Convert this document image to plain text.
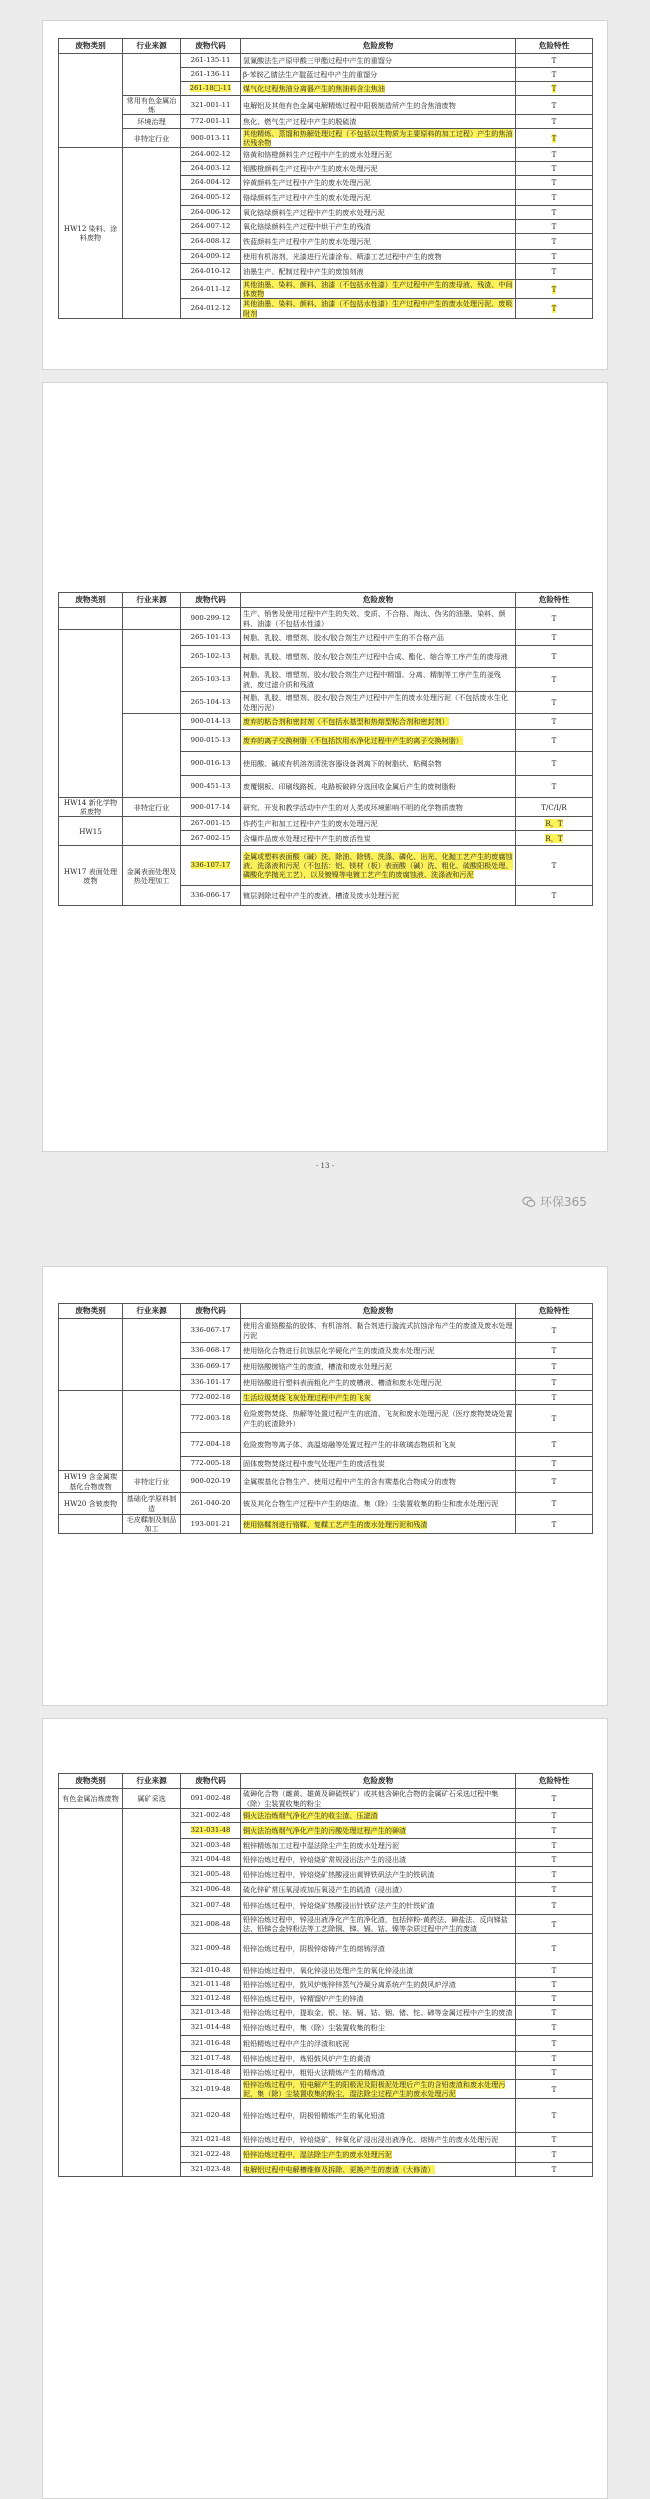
废物类别	行业来源	废物代码	危险废物	危险特性
		261-135-11	氢氰酸法生产原甲酸三甲酯过程中产生的重馏分	T
		261-136-11	β-苯胺乙腈法生产靛蓝过程中产生的重馏分	T
		261-18□-11	煤气化过程焦油分离器产生的焦油料含尘焦油	T
	常用有色金属冶炼	321-001-11	电解铝及其他有色金属电解精炼过程中阳极制造所产生的含焦油废物	T
	环境治理	772-001-11	焦化、燃气生产过程中产生的脱硫渣	T
	非特定行业	900-013-11	其他精炼、蒸馏和热解处理过程（不包括以生物质为主要原料的加工过程）产生的焦油状残余物	T
HW12 染料、涂料废物		264-002-12	铬黄和铬橙颜料生产过程中产生的废水处理污泥	T
		264-003-12	钼酸橙颜料生产过程中产生的废水处理污泥	T
		264-004-12	锌黄颜料生产过程中产生的废水处理污泥	T
		264-005-12	铬绿颜料生产过程中产生的废水处理污泥	T
		264-006-12	氧化铬绿颜料生产过程中产生的废水处理污泥	T
		264-007-12	氧化铬绿颜料生产过程中烘干产生的残渣	T
		264-008-12	铁蓝颜料生产过程中产生的废水处理污泥	T
		264-009-12	使用有机溶剂、光漆进行光漆涂布、喷漆工艺过程中产生的废物	T
		264-010-12	油墨生产、配制过程中产生的废蚀刻液	T
		264-011-12	其他油墨、染料、颜料、油漆（不包括水性漆）生产过程中产生的废母液、残渣、中间体废物	T
		264-012-12	其他油墨、染料、颜料、油漆（不包括水性漆）生产过程中产生的废水处理污泥、废吸附剂	T
废物类别	行业来源	废物代码	危险废物	危险特性
		900-299-12	生产、销售及使用过程中产生的失效、变质、不合格、淘汰、伪劣的油墨、染料、颜料、油漆（不包括水性漆）	T
		265-101-13	树脂、乳胶、增塑剂、胶水/胶合剂生产过程中产生的不合格产品	T
		265-102-13	树脂、乳胶、增塑剂、胶水/胶合剂生产过程中合成、酯化、缩合等工序产生的废母液	T
		265-103-13	树脂、乳胶、增塑剂、胶水/胶合剂生产过程中精馏、分离、精制等工序产生的釜残液、废过滤介质和残渣	T
		265-104-13	树脂、乳胶、增塑剂、胶水/胶合剂生产过程中产生的废水处理污泥（不包括废水生化处理污泥）	T
		900-014-13	废弃的粘合剂和密封剂（不包括水基型和热熔型粘合剂和密封剂）	T
		900-015-13	废弃的离子交换树脂（不包括饮用水净化过程中产生的离子交换树脂）	T
		900-016-13	使用酸、碱或有机溶剂清洗容器设备剥离下的树脂状、粘稠杂物	T
		900-451-13	废覆铜板、印刷线路板、电路板破碎分选回收金属后产生的废树脂粉	T
HW14 新化学物质废物	非特定行业	900-017-14	研究、开发和教学活动中产生的对人类或环境影响不明的化学物质废物	T/C/I/R
HW15		267-001-15	炸药生产和加工过程中产生的废水处理污泥	R，T
		267-002-15	含爆炸品废水处理过程中产生的废活性炭	R，T
HW17 表面处理废物	金属表面处理及热处理加工	336-107-17	金属或塑料表面酸（碱）洗、除油、除锈、洗涤、磷化、出光、化抛工艺产生的废腐蚀液、洗涤液和污泥（不包括：铝、镁材（板）表面酸（碱）洗、粗化、硫酸阳极处理、磷酸化学抛光工艺），以及镀镍等电镀工艺产生的废腐蚀液、洗涤液和污泥	T
		336-066-17	镀层剥除过程中产生的废液、槽渣及废水处理污泥	T
废物类别	行业来源	废物代码	危险废物	危险特性
		336-067-17	使用含重铬酸盐的胶体、有机溶剂、黏合剂进行漩流式抗蚀涂布产生的废渣及废水处理污泥	T
		336-068-17	使用铬化合物进行抗蚀层化学硬化产生的废渣及废水处理污泥	T
		336-069-17	使用铬酸镀铬产生的废渣、槽渣和废水处理污泥	T
		336-101-17	使用铬酸进行塑料表面粗化产生的废槽液、槽渣和废水处理污泥	T
		772-002-18	生活垃圾焚烧飞灰处理过程中产生的飞灰	T
		772-003-18	危险废物焚烧、热解等处置过程产生的底渣、飞灰和废水处理污泥（医疗废物焚烧处置产生的底渣除外）	T
		772-004-18	危险废物等离子体、高温熔融等处置过程产生的非玻璃态物质和飞灰	T
		772-005-18	固体废物焚烧过程中废气处理产生的废活性炭	T
HW19 含金属羰基化合物废物	非特定行业	900-020-19	金属羰基化合物生产、使用过程中产生的含有羰基化合物成分的废物	T
HW20 含铍废物	基础化学原料制造	261-040-20	铍及其化合物生产过程中产生的熔渣、集（除）尘装置收集的粉尘和废水处理污泥	T
	毛皮鞣制及制品加工	193-001-21	使用铬鞣剂进行铬鞣、复鞣工艺产生的废水处理污泥和残渣	T
废物类别	行业来源	废物代码	危险废物	危险特性
有色金属冶炼废物	属矿采选	091-002-48	硫砷化合物（雌黄、雄黄及砷硫铁矿）或其他含砷化合物的金属矿石采选过程中集（除）尘装置收集的粉尘	T
		321-002-48	铜火法冶炼烟气净化产生的收尘渣、压滤渣	T
		321-031-48	铜火法冶炼烟气净化产生的污酸处理过程产生的砷渣	T
		321-003-48	粗锌精炼加工过程中湿法除尘产生的废水处理污泥	T
		321-004-48	铅锌冶炼过程中，锌焙烧矿常规浸出法产生的浸出渣	T
		321-005-48	铅锌冶炼过程中，锌焙烧矿热酸浸出黄钾铁矾法产生的铁矾渣	T
		321-006-48	硫化锌矿常压氧浸或加压氧浸产生的硫渣（浸出渣）	T
		321-007-48	铅锌冶炼过程中，锌焙烧矿热酸浸出针铁矿法产生的针铁矿渣	T
		321-008-48	铅锌冶炼过程中，锌浸出液净化产生的净化渣，包括锌粉-黄药法、砷盐法、反向锑盐法、铅锑合金锌粉法等工艺除铜、锑、镉、钴、镍等杂质过程中产生的废渣	T
		321-009-48	铅锌冶炼过程中，阴极锌熔铸产生的熔铸浮渣	T
		321-010-48	铅锌冶炼过程中，氧化锌浸出处理产生的氧化锌浸出渣	T
		321-011-48	铅锌冶炼过程中，鼓风炉炼锌锌蒸气冷凝分离系统产生的鼓风炉浮渣	T
		321-012-48	铅锌冶炼过程中，锌精馏炉产生的锌渣	T
		321-013-48	铅锌冶炼过程中，提取金、银、铋、镉、钴、铟、锗、铊、碲等金属过程中产生的废渣	T
		321-014-48	铅锌冶炼过程中，集（除）尘装置收集的粉尘	T
		321-016-48	粗铅精炼过程中产生的浮渣和底泥	T
		321-017-48	铅锌冶炼过程中，炼铅鼓风炉产生的黄渣	T
		321-018-48	铅锌冶炼过程中，粗铅火法精炼产生的精炼渣	T
		321-019-48	铅锌冶炼过程中，铅电解产生的阳极泥及阳极泥处理后产生的含铅废渣和废水处理污泥，集（除）尘装置收集的粉尘，湿法除尘过程产生的废水处理污泥	T
		321-020-48	铅锌冶炼过程中，阴极铅精炼产生的氧化铅渣	T
		321-021-48	铅锌冶炼过程中，锌焙烧矿、锌氧化矿浸出浸出液净化、熔铸产生的废水处理污泥	T
		321-022-48	铅锌冶炼过程中，湿法除尘产生的废水处理污泥	T
		321-023-48	电解铝过程中电解槽维修及拆除、更换产生的废渣（大修渣）	T
- 13 -
环保365
